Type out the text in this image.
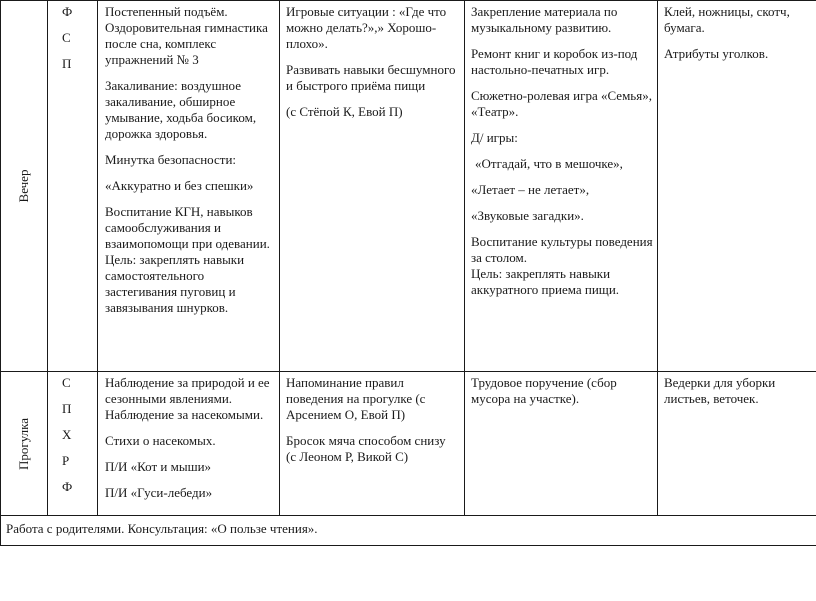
Вечер
Ф
С
П

Постепенный подъём. Оздоровительная гимнастика после сна, комплекс упражнений № 3

Закаливание: воздушное закаливание, обширное умывание, ходьба босиком, дорожка здоровья.

Минутка безопасности:

«Аккуратно и без спешки»

Воспитание КГН, навыков самообслуживания и взаимопомощи при одевании.

Цель: закреплять навыки самостоятельного застегивания пуговиц и завязывания шнурков.

Игровые ситуации : «Где что можно делать?»,» Хорошо-плохо».

Развивать навыки бесшумного и быстрого приёма пищи

(с Стёпой К, Евой П)

Закрепление материала по музыкальному развитию.

Ремонт книг и коробок из-под настольно-печатных игр.

Сюжетно-ролевая игра «Семья», «Театр».

Д/ игры:

«Отгадай, что в мешочке»,

«Летает – не летает»,

«Звуковые загадки».

Воспитание культуры поведения за столом.

Цель: закреплять навыки аккуратного приема пищи.

Клей, ножницы, скотч, бумага.

Атрибуты уголков.

Прогулка
С
П
Х
Р
Ф

Наблюдение за природой и ее сезонными явлениями. Наблюдение за насекомыми.

Стихи о насекомых.

П/И «Кот и мыши»

П/И «Гуси-лебеди»

Напоминание правил поведения на прогулке (с Арсением О, Евой П)

Бросок мяча способом снизу (с Леоном Р, Викой С)

Трудовое поручение (сбор мусора на участке).

Ведерки для уборки листьев, веточек.

Работа с родителями. Консультация: «О пользе чтения».
